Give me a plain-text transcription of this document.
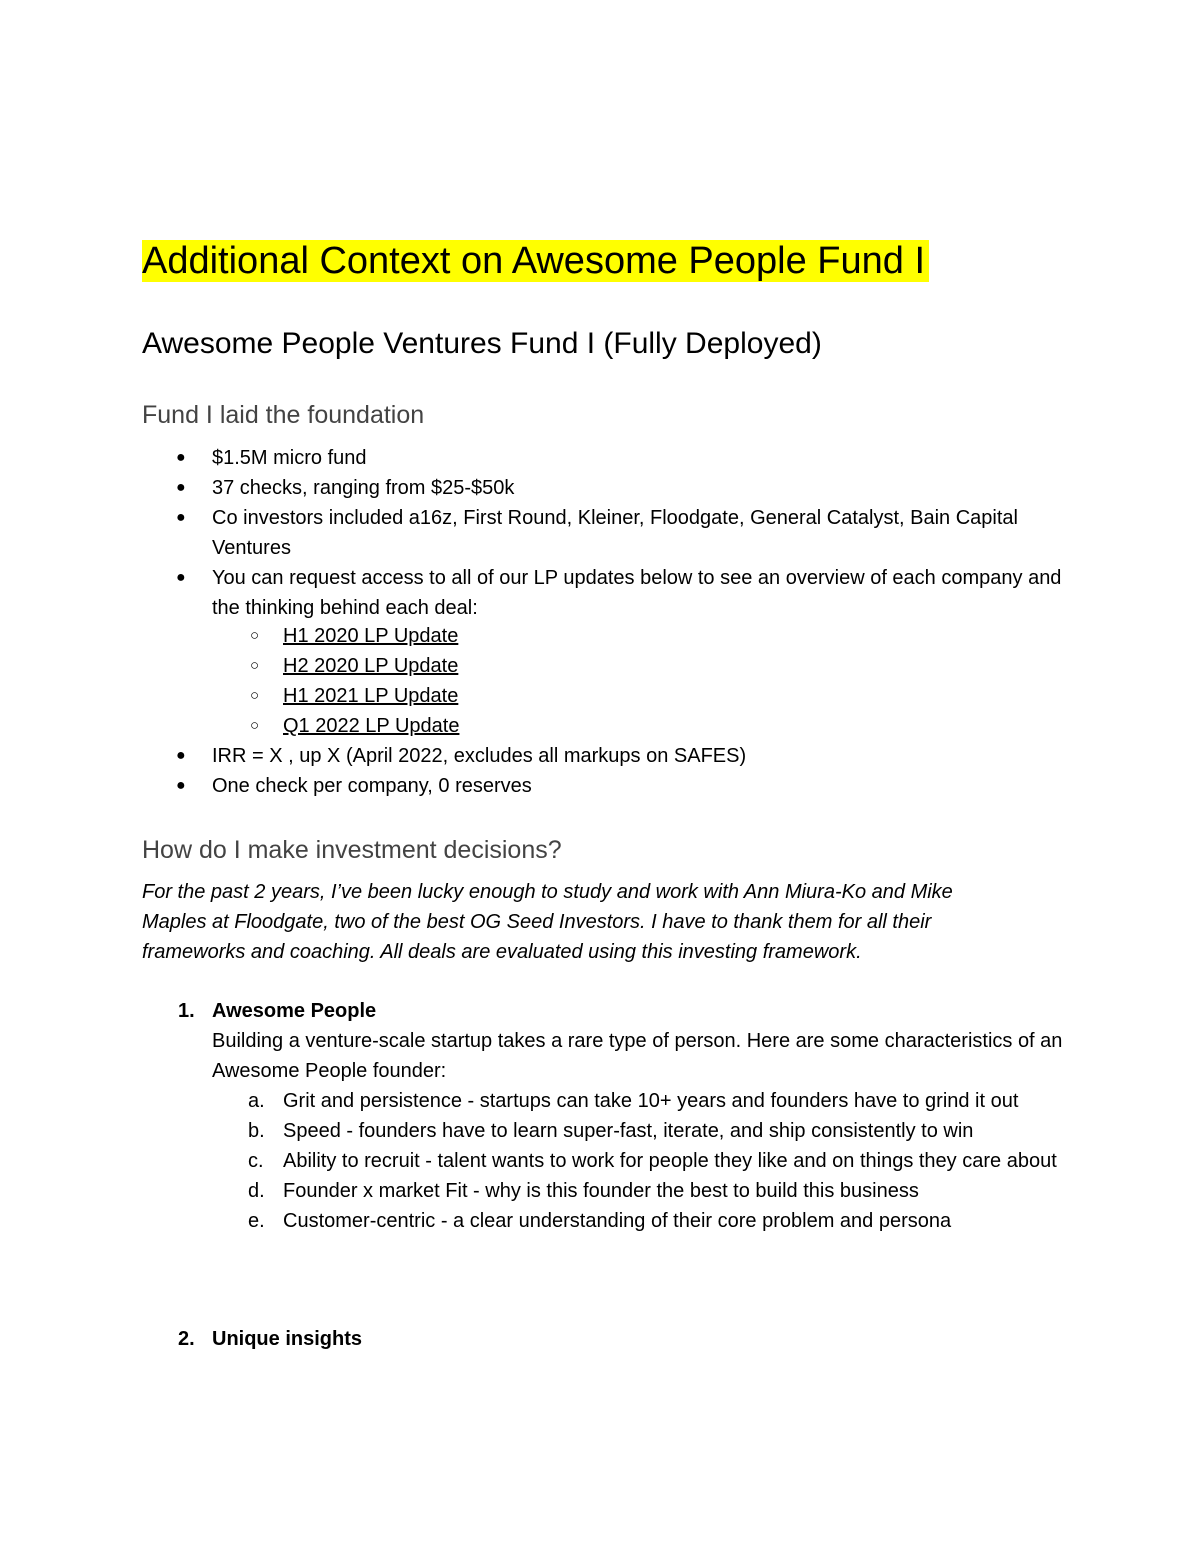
Additional Context on Awesome People Fund I
Awesome People Ventures Fund I (Fully Deployed)
Fund I laid the foundation
● $1.5M micro fund
● 37 checks, ranging from $25-$50k
● Co investors included a16z, First Round, Kleiner, Floodgate, General Catalyst, Bain Capital Ventures
● You can request access to all of our LP updates below to see an overview of each company and the thinking behind each deal:
○ H1 2020 LP Update
○ H2 2020 LP Update
○ H1 2021 LP Update
○ Q1 2022 LP Update
● IRR = X , up X (April 2022, excludes all markups on SAFES)
● One check per company, 0 reserves
How do I make investment decisions?

For the past 2 years, I’ve been lucky enough to study and work with Ann Miura-Ko and Mike Maples at Floodgate, two of the best OG Seed Investors. I have to thank them for all their frameworks and coaching. All deals are evaluated using this investing framework.

1. Awesome People
Building a venture-scale startup takes a rare type of person. Here are some characteristics of an Awesome People founder:
a. Grit and persistence - startups can take 10+ years and founders have to grind it out
b. Speed - founders have to learn super-fast, iterate, and ship consistently to win
c. Ability to recruit - talent wants to work for people they like and on things they care about
d. Founder x market Fit - why is this founder the best to build this business
e. Customer-centric - a clear understanding of their core problem and persona
2. Unique insights
